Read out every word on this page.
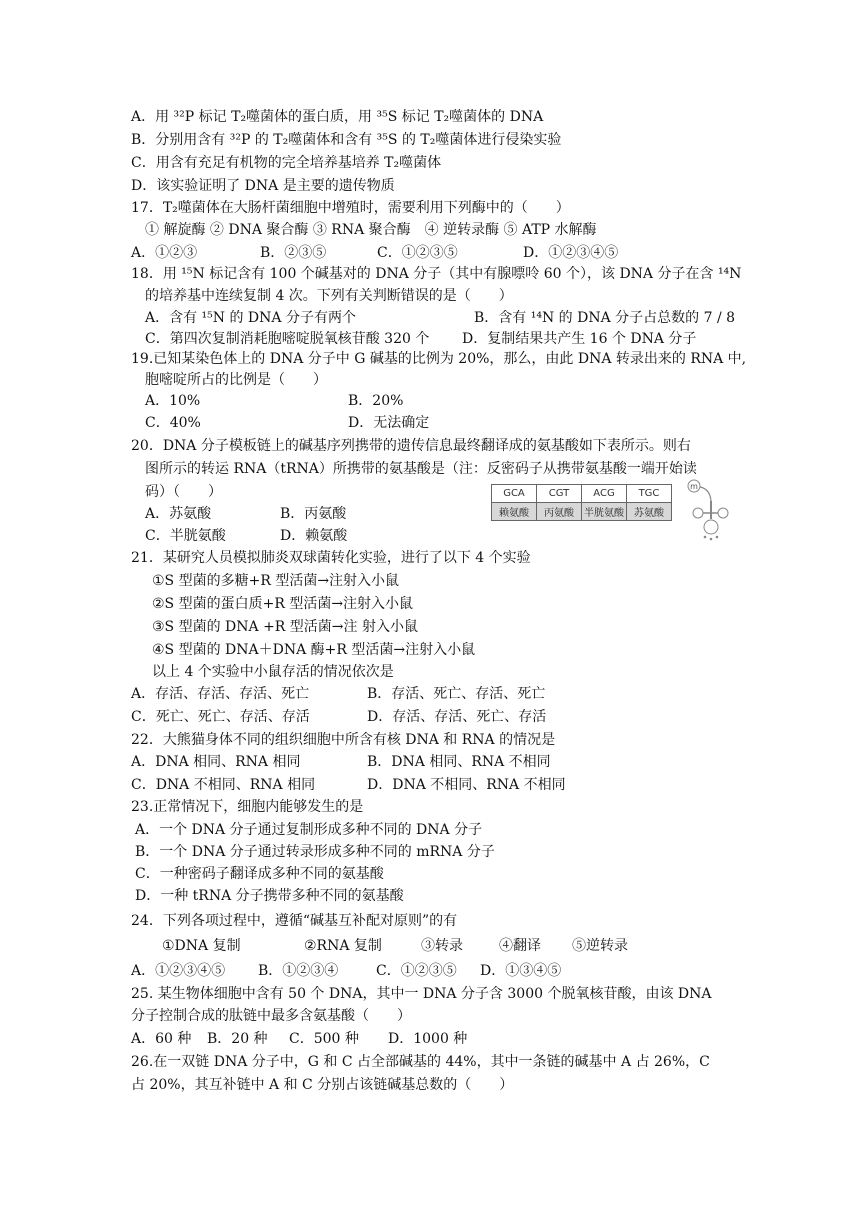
A．用 ³²P 标记 T₂噬菌体的蛋白质，用 ³⁵S 标记 T₂噬菌体的 DNA
B．分别用含有 ³²P 的 T₂噬菌体和含有 ³⁵S 的 T₂噬菌体进行侵染实验
C．用含有充足有机物的完全培养基培养 T₂噬菌体
D．该实验证明了 DNA 是主要的遗传物质
17．T₂噬菌体在大肠杆菌细胞中增殖时，需要利用下列酶中的（　　）
① 解旋酶 ② DNA 聚合酶 ③ RNA 聚合酶　④ 逆转录酶 ⑤ ATP 水解酶
A．①②③	B．②③⑤	C．①②③⑤	D．①②③④⑤
18．用 ¹⁵N 标记含有 100 个碱基对的 DNA 分子（其中有腺嘌呤 60 个），该 DNA 分子在含 ¹⁴N
的培养基中连续复制 4 次。下列有关判断错误的是（　　）
A．含有 ¹⁵N 的 DNA 分子有两个	B．含有 ¹⁴N 的 DNA 分子占总数的 7 / 8
C．第四次复制消耗胞嘧啶脱氧核苷酸 320 个 D．复制结果共产生 16 个 DNA 分子
19.已知某染色体上的 DNA 分子中 G 碱基的比例为 20%，那么，由此 DNA 转录出来的 RNA 中,
胞嘧啶所占的比例是（　　）
A．10%	B．20%
C．40%	D．无法确定
20．DNA 分子模板链上的碱基序列携带的遗传信息最终翻译成的氨基酸如下表所示。则右
图所示的转运 RNA（tRNA）所携带的氨基酸是（注：反密码子从携带氨基酸一端开始读
码）（　　）
A．苏氨酸	B．丙氨酸
C．半胱氨酸	D．赖氨酸
GCA	CGT	ACG	TGC
赖氨酸	丙氨酸	半胱氨酸	苏氨酸
m
21．某研究人员模拟肺炎双球菌转化实验，进行了以下 4 个实验
①S 型菌的多糖+R 型活菌→注射入小鼠
②S 型菌的蛋白质+R 型活菌→注射入小鼠
③S 型菌的 DNA +R 型活菌→注 射入小鼠
④S 型菌的 DNA＋DNA 酶+R 型活菌→注射入小鼠
以上 4 个实验中小鼠存活的情况依次是
A．存活、存活、存活、死亡	B．存活、死亡、存活、死亡
C．死亡、死亡、存活、存活	D．存活、存活、死亡、存活
22．大熊猫身体不同的组织细胞中所含有核 DNA 和 RNA 的情况是
A．DNA 相同、RNA 相同	B．DNA 相同、RNA 不相同
C．DNA 不相同、RNA 相同	D．DNA 不相同、RNA 不相同
23.正常情况下，细胞内能够发生的是
A．一个 DNA 分子通过复制形成多种不同的 DNA 分子
B．一个 DNA 分子通过转录形成多种不同的 mRNA 分子
C．一种密码子翻译成多种不同的氨基酸
D．一种 tRNA 分子携带多种不同的氨基酸
24．下列各项过程中，遵循“碱基互补配对原则”的有
①DNA 复制	②RNA 复制	③转录	④翻译 ⑤逆转录
A．①②③④⑤ B．①②③④	C．①②③⑤ D．①③④⑤
25. 某生物体细胞中含有 50 个 DNA，其中一 DNA 分子含 3000 个脱氧核苷酸，由该 DNA
分子控制合成的肽链中最多含氨基酸（　　）
A．60 种 B．20 种 C．500 种 D．1000 种
26.在一双链 DNA 分子中，G 和 C 占全部碱基的 44%，其中一条链的碱基中 A 占 26%，C
占 20%，其互补链中 A 和 C 分别占该链碱基总数的（　　）
